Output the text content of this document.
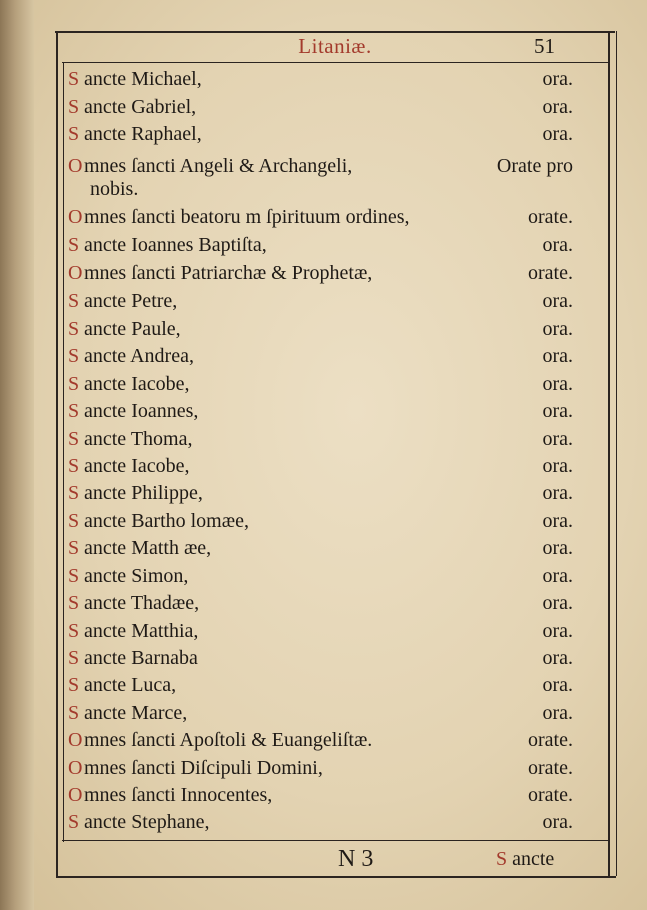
Litaniæ.	51
S ancte Michael,	ora.
S ancte Gabriel,	ora.
S ancte Raphael,	ora.
O mnes ſancti Angeli & Archangeli,	Orate pro
nobis.
O mnes ſancti beatoru m ſpirituum ordines,	orate.
S ancte Ioannes Baptiſta,	ora.
O mnes ſancti Patriarchæ & Prophetæ,	orate.
S ancte Petre,	ora.
S ancte Paule,	ora.
S ancte Andrea,	ora.
S ancte Iacobe,	ora.
S ancte Ioannes,	ora.
S ancte Thoma,	ora.
S ancte Iacobe,	ora.
S ancte Philippe,	ora.
S ancte Bartho lomæe,	ora.
S ancte Matth æe,	ora.
S ancte Simon,	ora.
S ancte Thadæe,	ora.
S ancte Matthia,	ora.
S ancte Barnaba	ora.
S ancte Luca,	ora.
S ancte Marce,	ora.
O mnes ſancti Apoſtoli & Euangeliſtæ.	orate.
O mnes ſancti Diſcipuli Domini,	orate.
O mnes ſancti Innocentes,	orate.
S ancte Stephane,	ora.
N 3	S ancte
